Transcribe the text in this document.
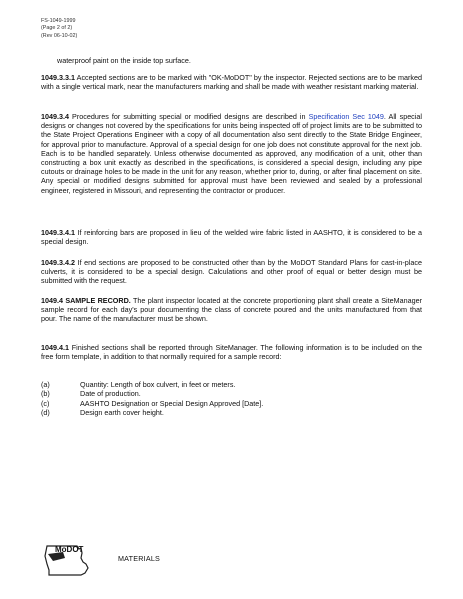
FS-1049-1999
(Page 2 of 2)
(Rev 06-10-02)
waterproof paint on the inside top surface.
1049.3.3.1 Accepted sections are to be marked with "OK-MoDOT" by the inspector. Rejected sections are to be marked with a single vertical mark, near the manufacturers marking and shall be made with weather resistant marking material.
1049.3.4 Procedures for submitting special or modified designs are described in Specification Sec 1049. All special designs or changes not covered by the specifications for units being inspected off of project limits are to be submitted to the State Project Operations Engineer with a copy of all documentation also sent directly to the State Bridge Engineer, for approval prior to manufacture. Approval of a special design for one job does not constitute approval for the next job. Each is to be handled separately. Unless otherwise documented as approved, any modification of a unit, other than constructing a box unit exactly as described in the specifications, is considered a special design, including any pipe cutouts or drainage holes to be made in the unit for any reason, whether prior to, during, or after final placement on site. Any special or modified designs submitted for approval must have been reviewed and sealed by a professional engineer, registered in Missouri, and representing the contractor or producer.
1049.3.4.1 If reinforcing bars are proposed in lieu of the welded wire fabric listed in AASHTO, it is considered to be a special design.
1049.3.4.2 If end sections are proposed to be constructed other than by the MoDOT Standard Plans for cast-in-place culverts, it is considered to be a special design. Calculations and other proof of equal or better design must be submitted with the request.
1049.4 SAMPLE RECORD. The plant inspector located at the concrete proportioning plant shall create a SiteManager sample record for each day's pour documenting the class of concrete poured and the units manufactured from that pour. The name of the manufacturer must be shown.
1049.4.1 Finished sections shall be reported through SiteManager. The following information is to be included on the free form template, in addition to that normally required for a sample record:
(a)	Quantity: Length of box culvert, in feet or meters.
(b)	Date of production.
(c)	AASHTO Designation or Special Design Approved [Date].
(d)	Design earth cover height.
MoDOT
MATERIALS
